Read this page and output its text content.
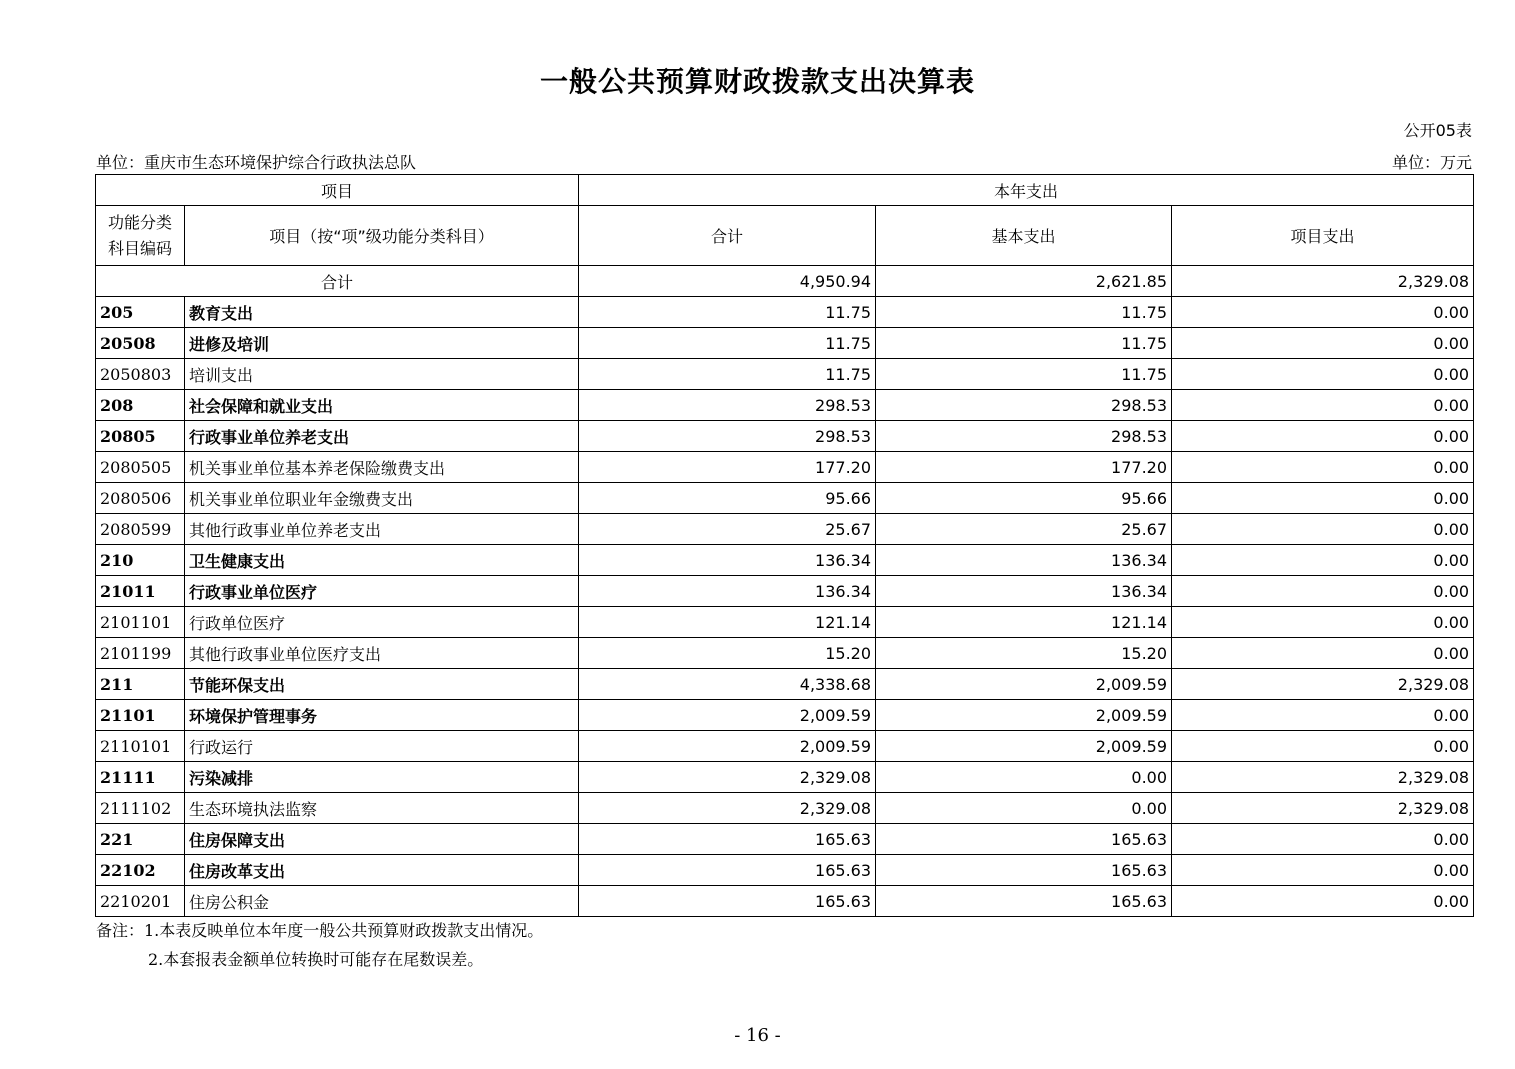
一般公共预算财政拨款支出决算表
公开05表
单位：重庆市生态环境保护综合行政执法总队	单位：万元
项目		本年支出		
功能分类
科目编码	项目（按“项”级功能分类科目）	合计	基本支出	项目支出
合计		4,950.94	2,621.85	2,329.08
205	教育支出	11.75	11.75	0.00
20508	进修及培训	11.75	11.75	0.00
2050803	培训支出	11.75	11.75	0.00
208	社会保障和就业支出	298.53	298.53	0.00
20805	行政事业单位养老支出	298.53	298.53	0.00
2080505	机关事业单位基本养老保险缴费支出	177.20	177.20	0.00
2080506	机关事业单位职业年金缴费支出	95.66	95.66	0.00
2080599	其他行政事业单位养老支出	25.67	25.67	0.00
210	卫生健康支出	136.34	136.34	0.00
21011	行政事业单位医疗	136.34	136.34	0.00
2101101	行政单位医疗	121.14	121.14	0.00
2101199	其他行政事业单位医疗支出	15.20	15.20	0.00
211	节能环保支出	4,338.68	2,009.59	2,329.08
21101	环境保护管理事务	2,009.59	2,009.59	0.00
2110101	行政运行	2,009.59	2,009.59	0.00
21111	污染减排	2,329.08	0.00	2,329.08
2111102	生态环境执法监察	2,329.08	0.00	2,329.08
221	住房保障支出	165.63	165.63	0.00
22102	住房改革支出	165.63	165.63	0.00
2210201	住房公积金	165.63	165.63	0.00
备注：1.本表反映单位本年度一般公共预算财政拨款支出情况。
2.本套报表金额单位转换时可能存在尾数误差。
- 16 -
